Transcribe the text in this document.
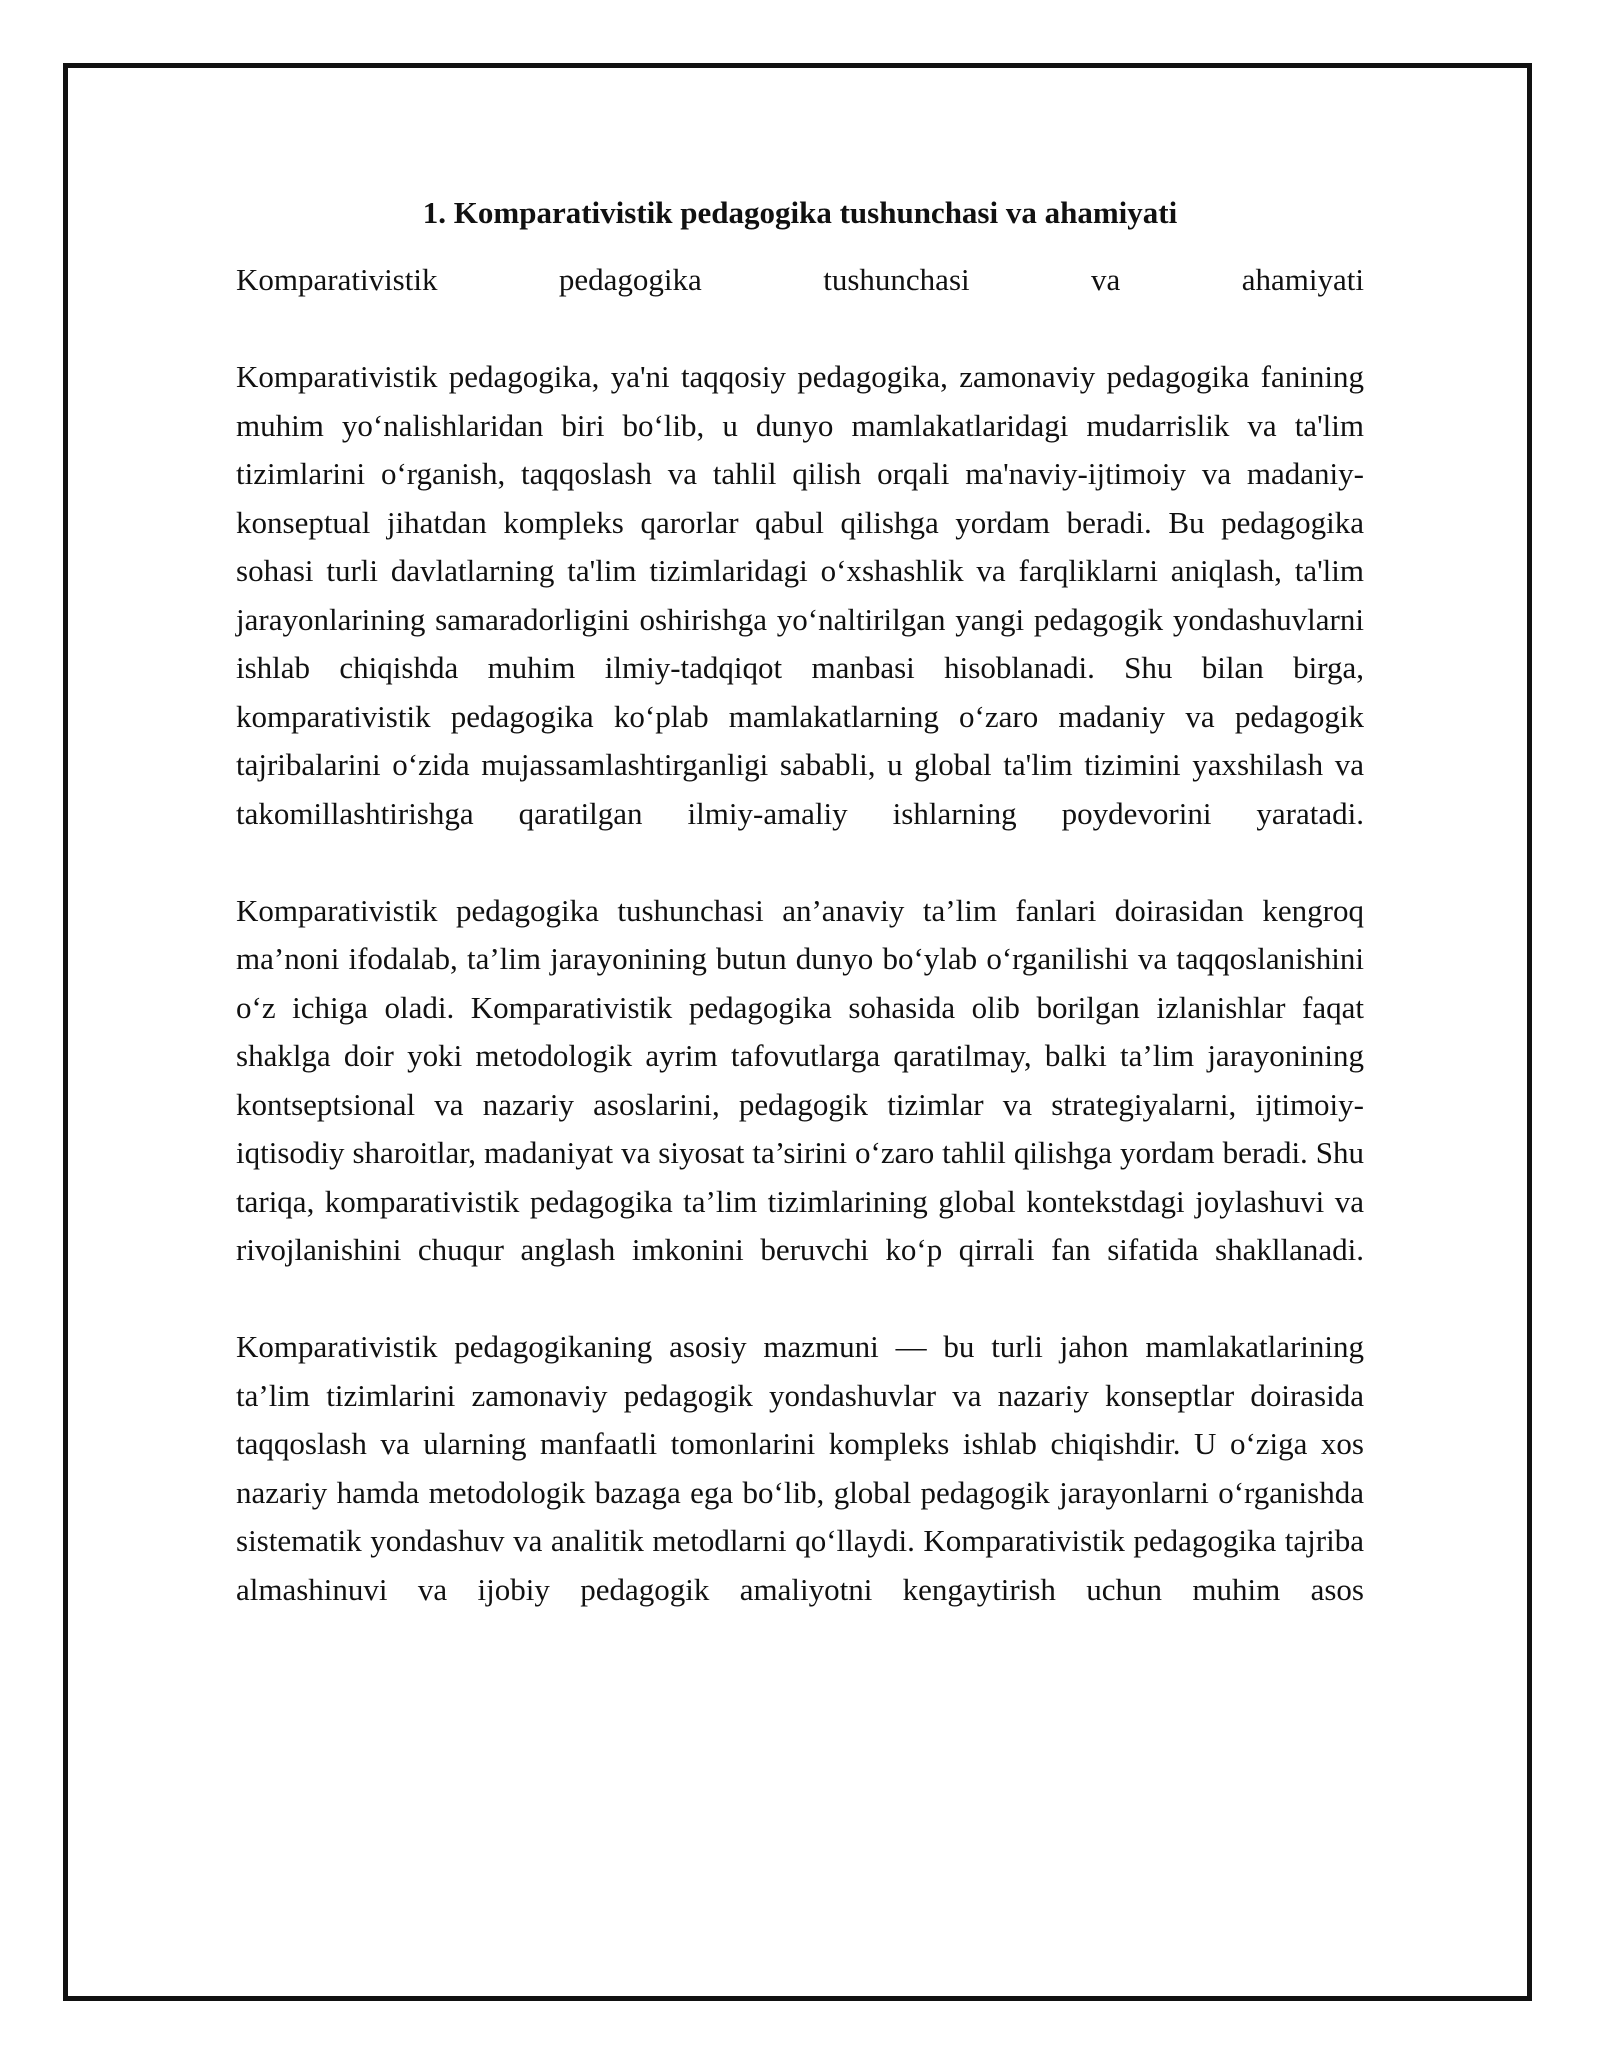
1. Komparativistik pedagogika tushunchasi va ahamiyati

Komparativistik pedagogika tushunchasi va ahamiyati

Komparativistik pedagogika, ya'ni taqqosiy pedagogika, zamonaviy pedagogika fanining muhim yo‘nalishlaridan biri bo‘lib, u dunyo mamlakatlaridagi mudarrislik va ta'lim tizimlarini o‘rganish, taqqoslash va tahlil qilish orqali ma'naviy-ijtimoiy va madaniy-konseptual jihatdan kompleks qarorlar qabul qilishga yordam beradi. Bu pedagogika sohasi turli davlatlarning ta'lim tizimlaridagi o‘xshashlik va farqliklarni aniqlash, ta'lim jarayonlarining samaradorligini oshirishga yo‘naltirilgan yangi pedagogik yondashuvlarni ishlab chiqishda muhim ilmiy-tadqiqot manbasi hisoblanadi. Shu bilan birga, komparativistik pedagogika ko‘plab mamlakatlarning o‘zaro madaniy va pedagogik tajribalarini o‘zida mujassamlashtirganligi sababli, u global ta'lim tizimini yaxshilash va takomillashtirishga qaratilgan ilmiy-amaliy ishlarning poydevorini yaratadi.

Komparativistik pedagogika tushunchasi an’anaviy ta’lim fanlari doirasidan kengroq ma’noni ifodalab, ta’lim jarayonining butun dunyo bo‘ylab o‘rganilishi va taqqoslanishini o‘z ichiga oladi. Komparativistik pedagogika sohasida olib borilgan izlanishlar faqat shaklga doir yoki metodologik ayrim tafovutlarga qaratilmay, balki ta’lim jarayonining kontseptsional va nazariy asoslarini, pedagogik tizimlar va strategiyalarni, ijtimoiy-iqtisodiy sharoitlar, madaniyat va siyosat ta’sirini o‘zaro tahlil qilishga yordam beradi. Shu tariqa, komparativistik pedagogika ta’lim tizimlarining global kontekstdagi joylashuvi va rivojlanishini chuqur anglash imkonini beruvchi ko‘p qirrali fan sifatida shakllanadi.

Komparativistik pedagogikaning asosiy mazmuni — bu turli jahon mamlakatlarining ta’lim tizimlarini zamonaviy pedagogik yondashuvlar va nazariy konseptlar doirasida taqqoslash va ularning manfaatli tomonlarini kompleks ishlab chiqishdir. U o‘ziga xos nazariy hamda metodologik bazaga ega bo‘lib, global pedagogik jarayonlarni o‘rganishda sistematik yondashuv va analitik metodlarni qo‘llaydi. Komparativistik pedagogika tajriba almashinuvi va ijobiy pedagogik amaliyotni kengaytirish uchun muhim asos
